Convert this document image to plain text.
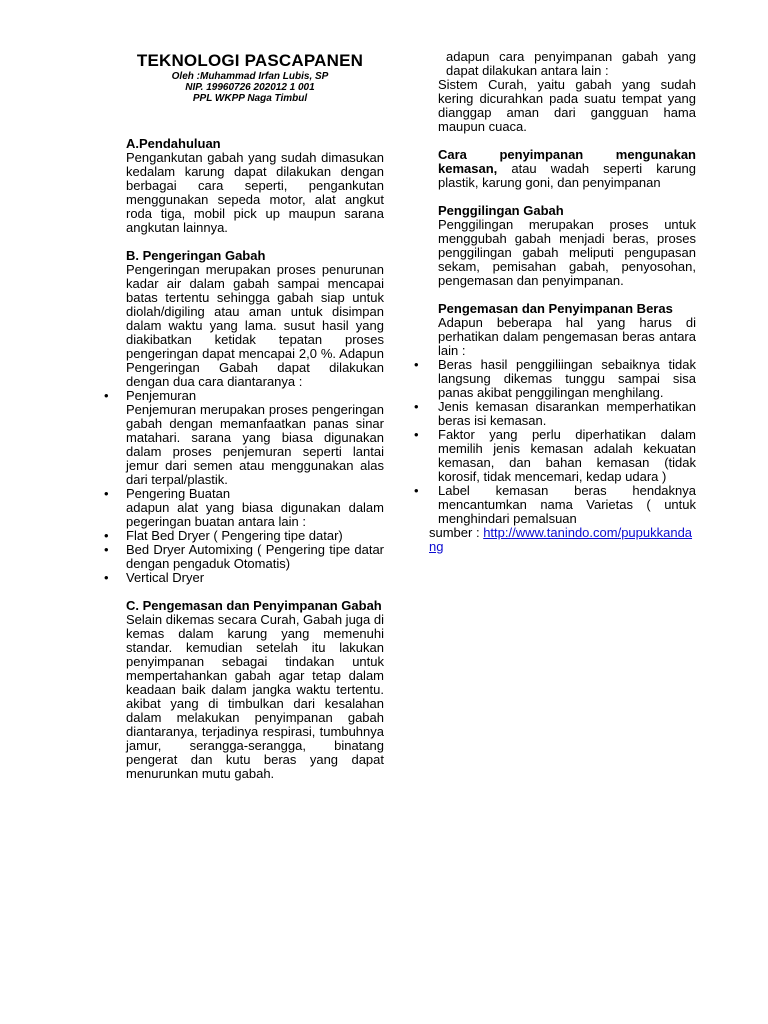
TEKNOLOGI PASCAPANEN
Oleh :Muhammad Irfan Lubis, SP
NIP. 19960726 202012 1 001
PPL WKPP Naga Timbul

A.Pendahuluan

Pengankutan gabah yang sudah dimasukan kedalam karung dapat dilakukan dengan berbagai cara seperti, pengankutan menggunakan sepeda motor, alat angkut roda tiga, mobil pick up maupun sarana angkutan lainnya.

B. Pengeringan Gabah

Pengeringan merupakan proses penurunan kadar air dalam gabah sampai mencapai batas tertentu sehingga gabah siap untuk diolah/digiling atau aman untuk disimpan dalam waktu yang lama. susut hasil yang diakibatkan ketidak tepatan proses pengeringan dapat mencapai 2,0 %. Adapun Pengeringan Gabah dapat dilakukan dengan dua cara diantaranya :

• Penjemuran

Penjemuran merupakan proses pengeringan gabah dengan memanfaatkan panas sinar matahari. sarana yang biasa digunakan dalam proses penjemuran seperti lantai jemur dari semen atau menggunakan alas dari terpal/plastik.

• Pengering Buatan

adapun alat yang biasa digunakan dalam pegeringan buatan antara lain :

• Flat Bed Dryer ( Pengering tipe datar)
• Bed Dryer Automixing ( Pengering tipe datar dengan pengaduk Otomatis)
• Vertical Dryer

C. Pengemasan dan Penyimpanan Gabah

Selain dikemas secara Curah, Gabah juga di kemas dalam karung yang memenuhi standar. kemudian setelah itu lakukan penyimpanan sebagai tindakan untuk mempertahankan gabah agar tetap dalam keadaan baik dalam jangka waktu tertentu. akibat yang di timbulkan dari kesalahan dalam melakukan penyimpanan gabah diantaranya, terjadinya respirasi, tumbuhnya jamur, serangga-serangga, binatang pengerat dan kutu beras yang dapat menurunkan mutu gabah.

adapun cara penyimpanan gabah yang dapat dilakukan antara lain :

Sistem Curah, yaitu gabah yang sudah kering dicurahkan pada suatu tempat yang dianggap aman dari gangguan hama maupun cuaca.

Cara penyimpanan mengunakan kemasan, atau wadah seperti karung plastik, karung goni, dan penyimpanan

Penggilingan Gabah

Penggilingan merupakan proses untuk menggubah gabah menjadi beras, proses penggilingan gabah meliputi pengupasan sekam, pemisahan gabah, penyosohan, pengemasan dan penyimpanan.

Pengemasan dan Penyimpanan Beras

Adapun beberapa hal yang harus di perhatikan dalam pengemasan beras antara lain :

• Beras hasil penggiliingan sebaiknya tidak langsung dikemas tunggu sampai sisa panas akibat penggilingan menghilang.
• Jenis kemasan disarankan memperhatikan beras isi kemasan.
• Faktor yang perlu diperhatikan dalam memilih jenis kemasan adalah kekuatan kemasan, dan bahan kemasan (tidak korosif, tidak mencemari, kedap udara )
• Label kemasan beras hendaknya mencantumkan nama Varietas ( untuk menghindari pemalsuan
sumber : http://www.tanindo.com/pupukkandang
